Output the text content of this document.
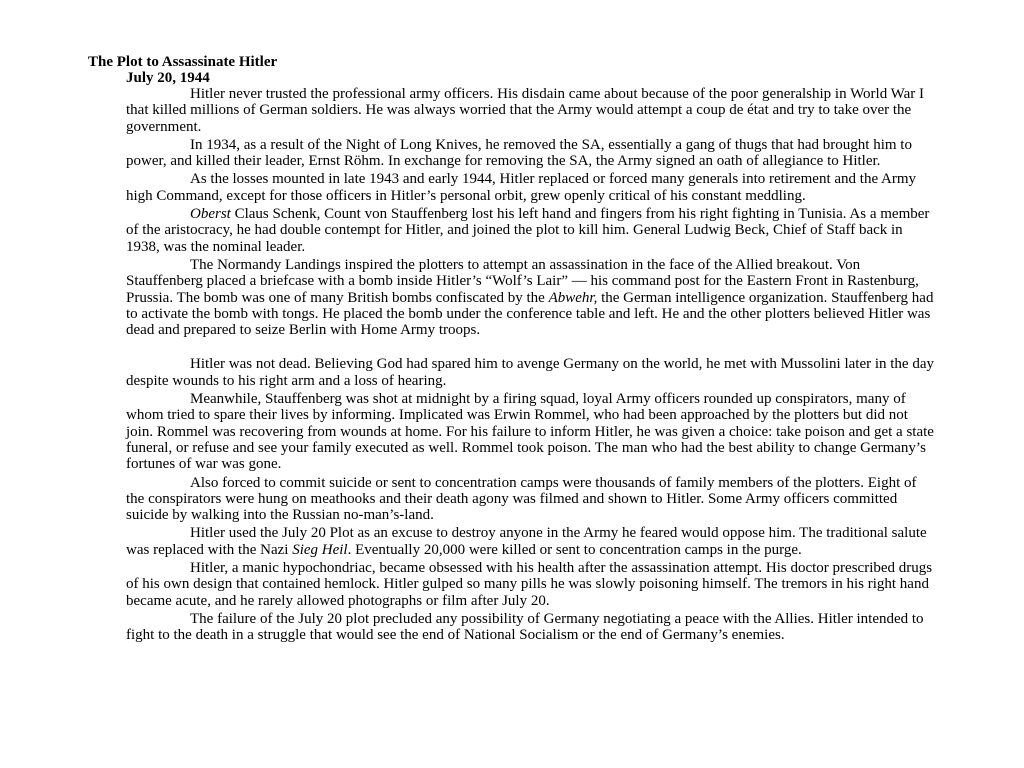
The Plot to Assassinate Hitler
July 20, 1944

Hitler never trusted the professional army officers. His disdain came about because of the poor generalship in World War I that killed millions of German soldiers. He was always worried that the Army would attempt a coup de état and try to take over the government.

In 1934, as a result of the Night of Long Knives, he removed the SA, essentially a gang of thugs that had brought him to power, and killed their leader, Ernst Röhm. In exchange for removing the SA, the Army signed an oath of allegiance to Hitler.

As the losses mounted in late 1943 and early 1944, Hitler replaced or forced many generals into retirement and the Army high Command, except for those officers in Hitler’s personal orbit, grew openly critical of his constant meddling.

Oberst Claus Schenk, Count von Stauffenberg lost his left hand and fingers from his right fighting in Tunisia. As a member of the aristocracy, he had double contempt for Hitler, and joined the plot to kill him. General Ludwig Beck, Chief of Staff back in 1938, was the nominal leader.

The Normandy Landings inspired the plotters to attempt an assassination in the face of the Allied breakout. Von Stauffenberg placed a briefcase with a bomb inside Hitler’s “Wolf’s Lair” — his command post for the Eastern Front in Rastenburg, Prussia. The bomb was one of many British bombs confiscated by the Abwehr, the German intelligence organization. Stauffenberg had to activate the bomb with tongs. He placed the bomb under the conference table and left. He and the other plotters believed Hitler was dead and prepared to seize Berlin with Home Army troops.

Hitler was not dead. Believing God had spared him to avenge Germany on the world, he met with Mussolini later in the day despite wounds to his right arm and a loss of hearing.

Meanwhile, Stauffenberg was shot at midnight by a firing squad, loyal Army officers rounded up conspirators, many of whom tried to spare their lives by informing. Implicated was Erwin Rommel, who had been approached by the plotters but did not join. Rommel was recovering from wounds at home. For his failure to inform Hitler, he was given a choice: take poison and get a state funeral, or refuse and see your family executed as well. Rommel took poison. The man who had the best ability to change Germany’s fortunes of war was gone.

Also forced to commit suicide or sent to concentration camps were thousands of family members of the plotters. Eight of the conspirators were hung on meathooks and their death agony was filmed and shown to Hitler. Some Army officers committed suicide by walking into the Russian no-man’s-land.

Hitler used the July 20 Plot as an excuse to destroy anyone in the Army he feared would oppose him. The traditional salute was replaced with the Nazi Sieg Heil. Eventually 20,000 were killed or sent to concentration camps in the purge.

Hitler, a manic hypochondriac, became obsessed with his health after the assassination attempt. His doctor prescribed drugs of his own design that contained hemlock. Hitler gulped so many pills he was slowly poisoning himself. The tremors in his right hand became acute, and he rarely allowed photographs or film after July 20.

The failure of the July 20 plot precluded any possibility of Germany negotiating a peace with the Allies. Hitler intended to fight to the death in a struggle that would see the end of National Socialism or the end of Germany’s enemies.
